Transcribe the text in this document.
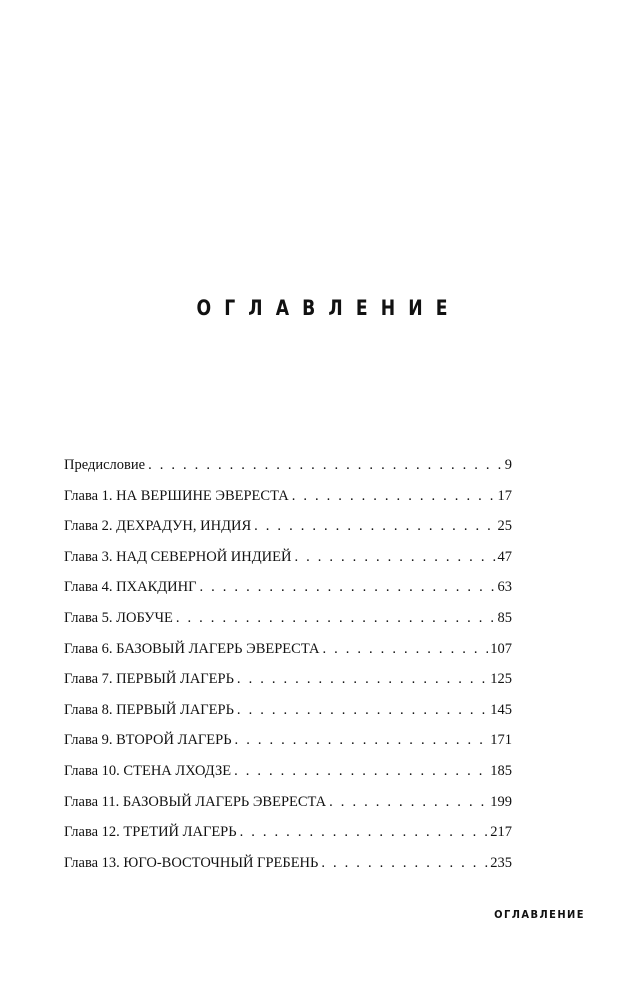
ОГЛАВЛЕНИЕ
Предисловие . . .	9
Глава 1. НА ВЕРШИНЕ ЭВЕРЕСТА . . .	17
Глава 2. ДЕХРАДУН, ИНДИЯ . . .	25
Глава 3. НАД СЕВЕРНОЙ ИНДИЕЙ . . .	47
Глава 4. ПХАКДИНГ . . .	63
Глава 5. ЛОБУЧЕ . . .	85
Глава 6. БАЗОВЫЙ ЛАГЕРЬ ЭВЕРЕСТА . . .	107
Глава 7. ПЕРВЫЙ ЛАГЕРЬ . . .	125
Глава 8. ПЕРВЫЙ ЛАГЕРЬ . . .	145
Глава 9. ВТОРОЙ ЛАГЕРЬ . . .	171
Глава 10. СТЕНА ЛХОДЗЕ . . .	185
Глава 11. БАЗОВЫЙ ЛАГЕРЬ ЭВЕРЕСТА . . .	199
Глава 12. ТРЕТИЙ ЛАГЕРЬ . . .	217
Глава 13. ЮГО-ВОСТОЧНЫЙ ГРЕБЕНЬ . . .	235
ОГЛАВЛЕНИЕ
